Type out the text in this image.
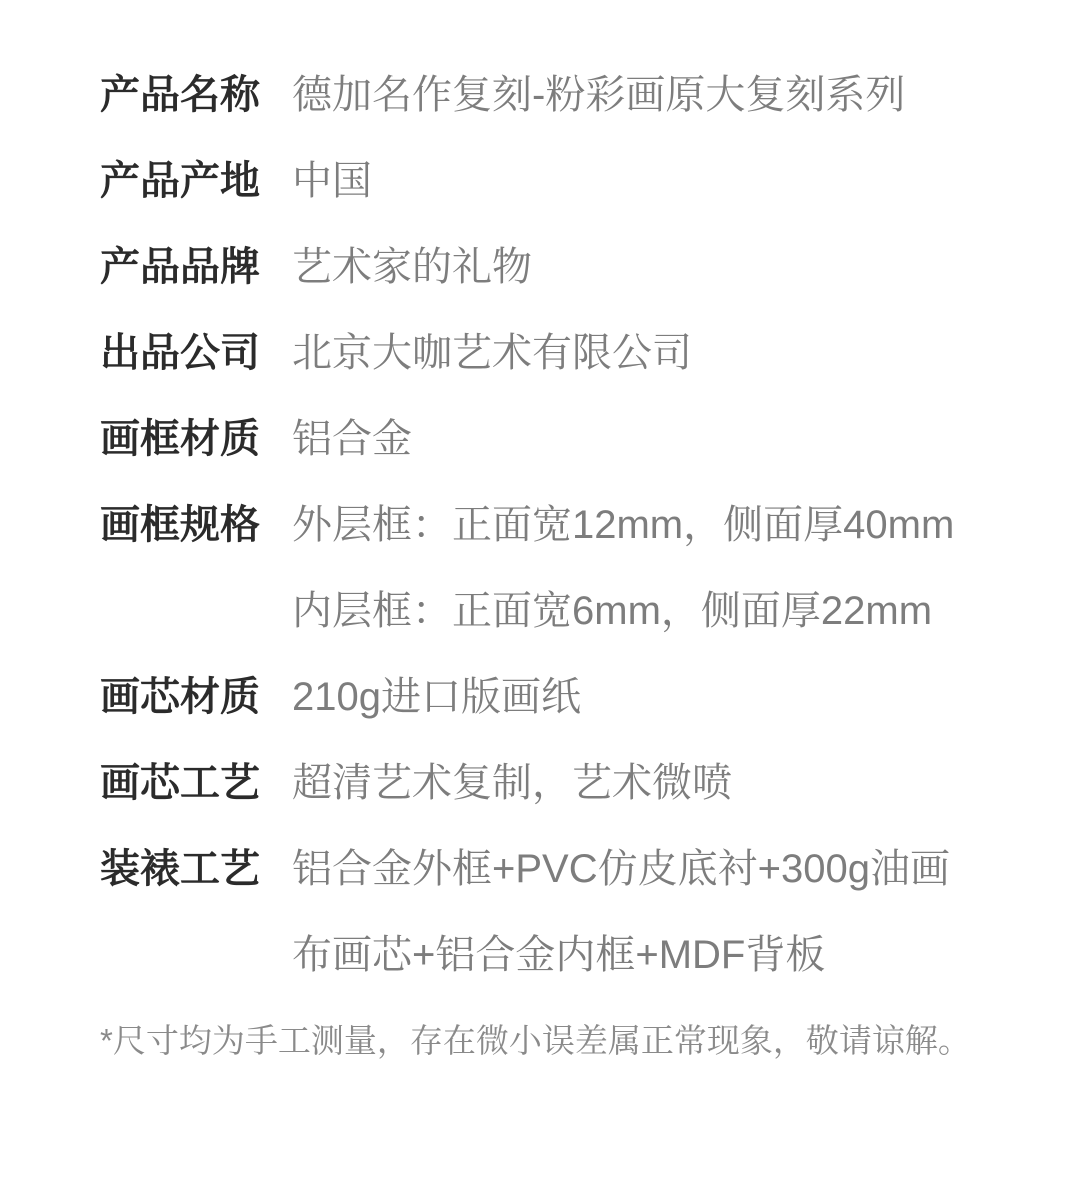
产品名称 德加名作复刻-粉彩画原大复刻系列
产品产地 中国
产品品牌 艺术家的礼物
出品公司 北京大咖艺术有限公司
画框材质 铝合金
画框规格 外层框：正面宽12mm，侧面厚40mm
内层框：正面宽6mm，侧面厚22mm
画芯材质 210g进口版画纸
画芯工艺 超清艺术复制，艺术微喷
装裱工艺 铝合金外框+PVC仿皮底衬+300g油画
布画芯+铝合金内框+MDF背板

*尺寸均为手工测量，存在微小误差属正常现象，敬请谅解。
